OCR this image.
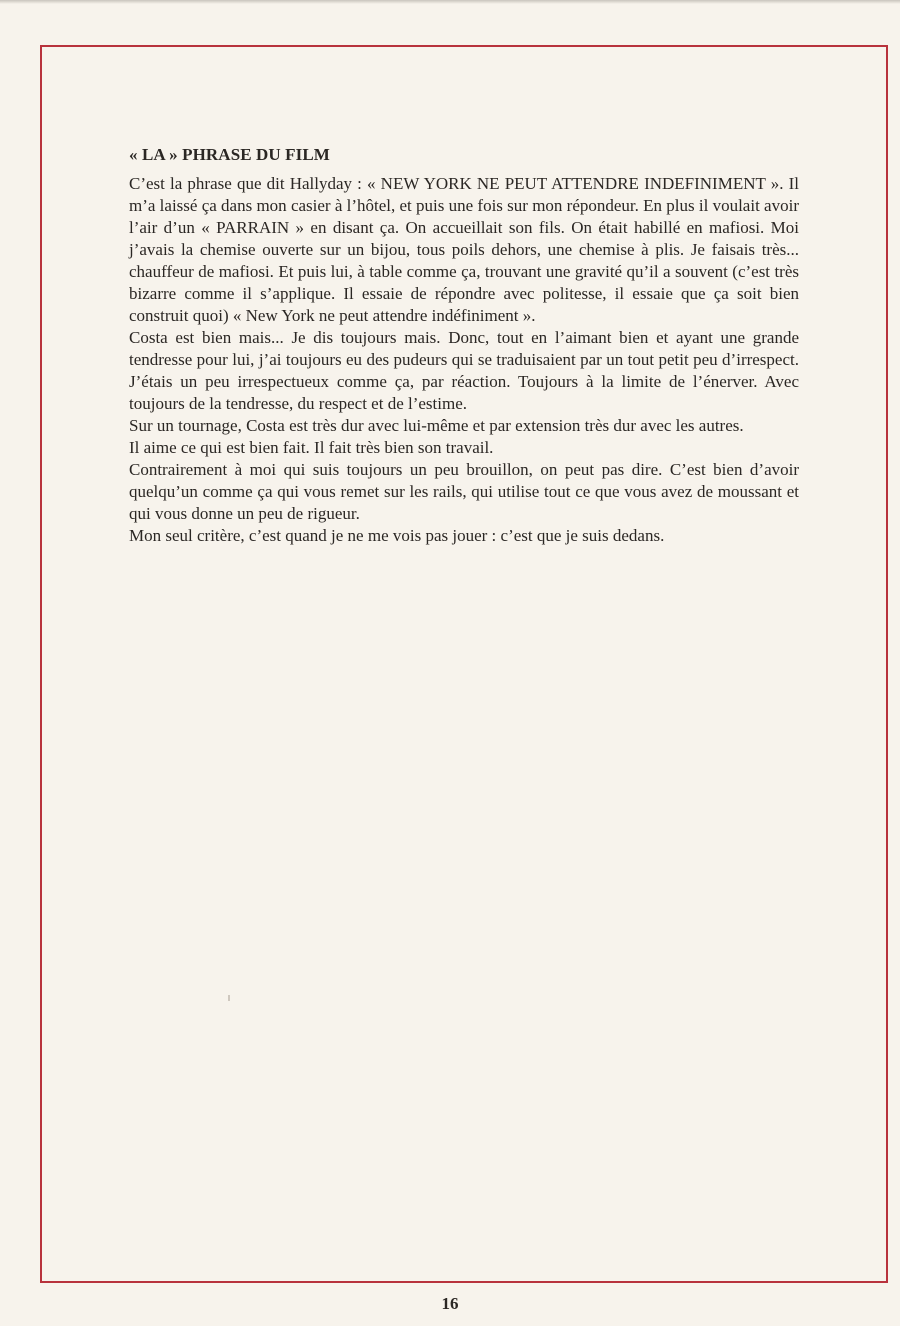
« LA » PHRASE DU FILM

C’est la phrase que dit Hallyday : « NEW YORK NE PEUT ATTENDRE INDEFINIMENT ». Il m’a laissé ça dans mon casier à l’hôtel, et puis une fois sur mon répondeur. En plus il voulait avoir l’air d’un « PARRAIN » en disant ça. On accueillait son fils. On était habillé en mafiosi. Moi j’avais la chemise ouverte sur un bijou, tous poils dehors, une chemise à plis. Je faisais très... chauffeur de mafiosi. Et puis lui, à table comme ça, trouvant une gravité qu’il a souvent (c’est très bizarre comme il s’applique. Il essaie de répondre avec politesse, il essaie que ça soit bien construit quoi) « New York ne peut attendre indéfiniment ».

Costa est bien mais... Je dis toujours mais. Donc, tout en l’aimant bien et ayant une grande tendresse pour lui, j’ai toujours eu des pudeurs qui se traduisaient par un tout petit peu d’irrespect. J’étais un peu irrespectueux comme ça, par réaction. Toujours à la limite de l’énerver. Avec toujours de la tendresse, du respect et de l’estime.

Sur un tournage, Costa est très dur avec lui-même et par extension très dur avec les autres.

Il aime ce qui est bien fait. Il fait très bien son travail.

Contrairement à moi qui suis toujours un peu brouillon, on peut pas dire. C’est bien d’avoir quelqu’un comme ça qui vous remet sur les rails, qui utilise tout ce que vous avez de moussant et qui vous donne un peu de rigueur.

Mon seul critère, c’est quand je ne me vois pas jouer : c’est que je suis dedans.

16
